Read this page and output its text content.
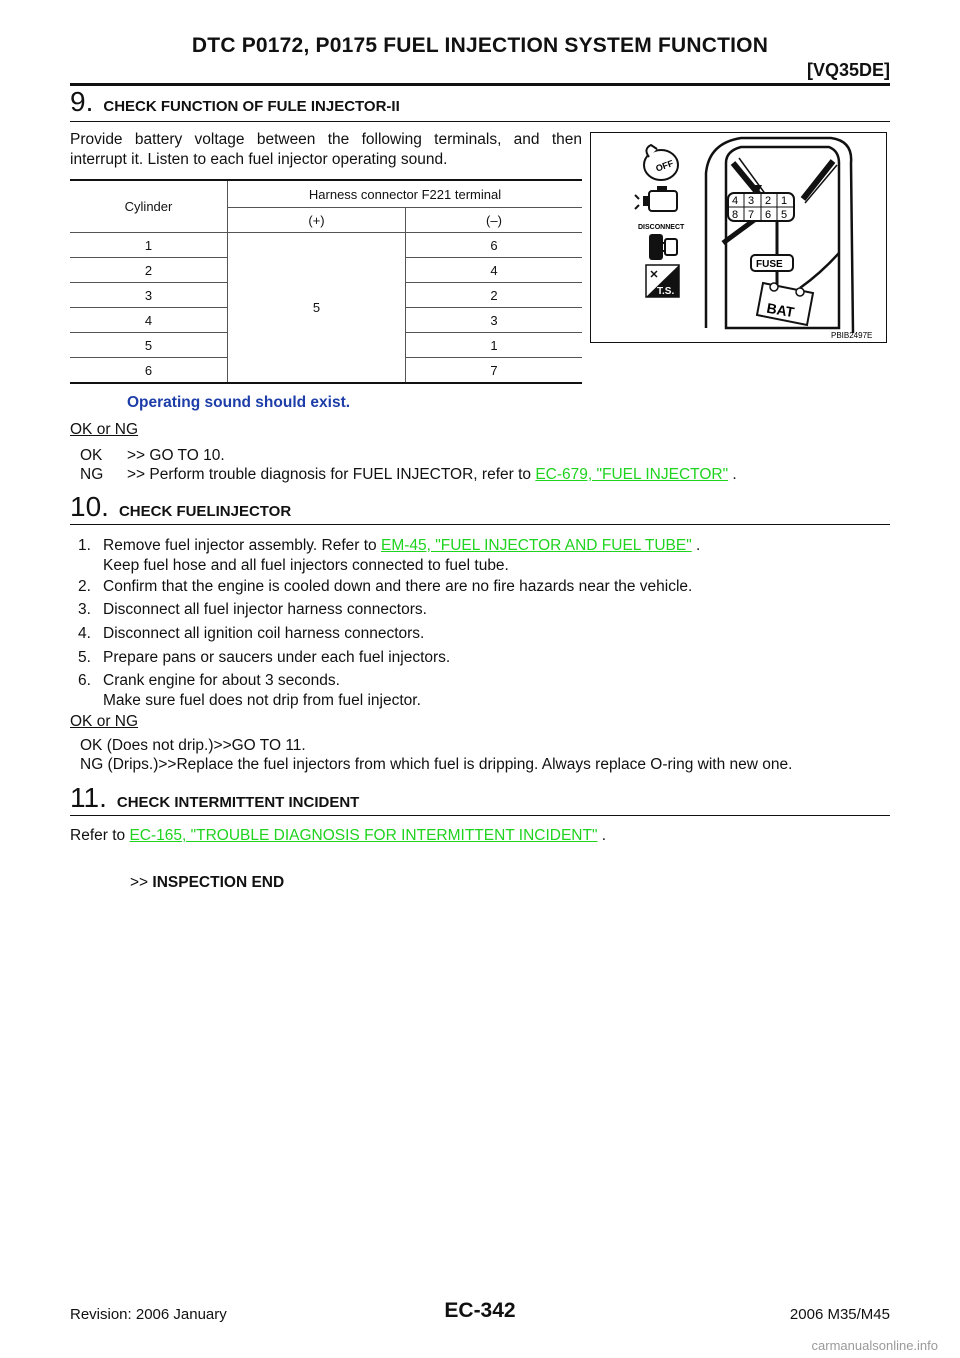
DTC P0172, P0175 FUEL INJECTION SYSTEM FUNCTION
[VQ35DE]
9 . CHECK FUNCTION OF FULE INJECTOR-II
Provide battery voltage between the following terminals, and then
interrupt it. Listen to each fuel injector operating sound.
Cylinder	Harness connector F221 terminal	
	(+)	(–)
1	5	6
2		4
3		2
4		3
5		1
6		7
OFF
DISCONNECT
T.S.
4 3 2 1
8 7 6 5
FUSE
BAT
PBIB2497E
Operating sound should exist.
OK or NG
OK >> GO TO 10.
NG >> Perform trouble diagnosis for FUEL INJECTOR, refer to EC-679, "FUEL INJECTOR" .
10 . CHECK FUELINJECTOR
1. Remove fuel injector assembly. Refer to EM-45, "FUEL INJECTOR AND FUEL TUBE" .
Keep fuel hose and all fuel injectors connected to fuel tube.
2. Confirm that the engine is cooled down and there are no fire hazards near the vehicle.
3. Disconnect all fuel injector harness connectors.
4. Disconnect all ignition coil harness connectors.
5. Prepare pans or saucers under each fuel injectors.
6. Crank engine for about 3 seconds.
Make sure fuel does not drip from fuel injector.
OK or NG
OK (Does not drip.)>>GO TO 11.
NG (Drips.)>>Replace the fuel injectors from which fuel is dripping. Always replace O-ring with new one.
11 . CHECK INTERMITTENT INCIDENT
Refer to EC-165, "TROUBLE DIAGNOSIS FOR INTERMITTENT INCIDENT" .
>> INSPECTION END
Revision: 2006 January	EC-342	2006 M35/M45
carmanualsonline.info
